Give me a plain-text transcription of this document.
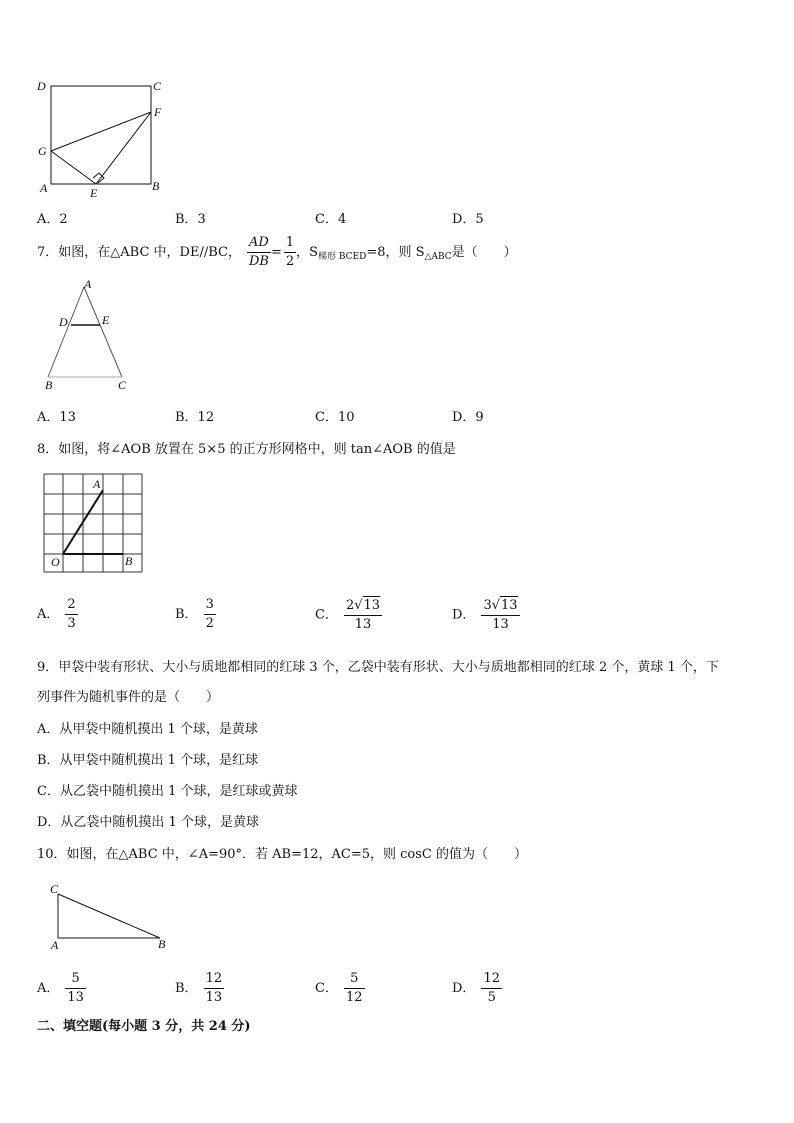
D	C
F
G
A	E	B
A．2	B．3	C．4	D．5
7．如图，在△ABC 中，DE//BC， $\frac{AD}{DB} = \frac{1}{2}$ ，$S_{梯形 BCED}=8$，则 $S_{\triangle ABC}$是（　　）
A
D	E
B	C
A．13	B．12	C．10	D．9
8．如图，将∠AOB 放置在 5×5 的正方形网格中，则 tan∠AOB 的值是
A
O	B
A． $\frac{2}{3}$	B． $\frac{3}{2}$	C． $\frac{2√13}{13}$	D． $\frac{3√13}{13}$
9．甲袋中装有形状、大小与质地都相同的红球 3 个，乙袋中装有形状、大小与质地都相同的红球 2 个，黄球 1 个，下
列事件为随机事件的是（　　）
A．从甲袋中随机摸出 1 个球，是黄球
B．从甲袋中随机摸出 1 个球，是红球
C．从乙袋中随机摸出 1 个球，是红球或黄球
D．从乙袋中随机摸出 1 个球，是黄球
10．如图，在△ABC 中，∠A=90°．若 AB=12，AC=5，则 cosC 的值为（　　）
C
A	B
A． $\frac{5}{13}$	B． $\frac{12}{13}$	C． $\frac{5}{12}$	D． $\frac{12}{5}$
二、填空题(每小题 3 分，共 24 分)
